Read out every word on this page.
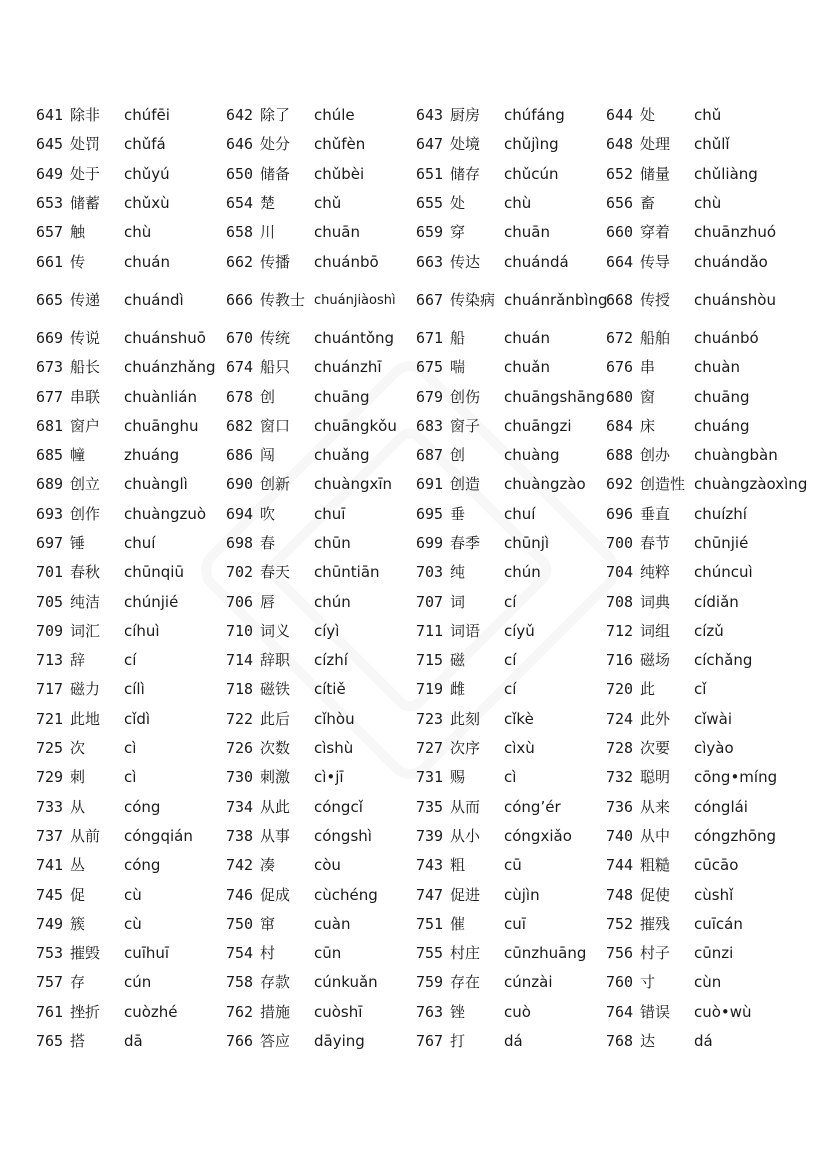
641	除非	chúfēi	642	除了	chúle	643	厨房	chúfáng	644	处	chǔ
645	处罚	chǔfá	646	处分	chǔfèn	647	处境	chǔjìng	648	处理	chǔlǐ
649	处于	chǔyú	650	储备	chǔbèi	651	储存	chǔcún	652	储量	chǔliàng
653	储蓄	chǔxù	654	楚	chǔ	655	处	chù	656	畜	chù
657	触	chù	658	川	chuān	659	穿	chuān	660	穿着	chuānzhuó
661	传	chuán	662	传播	chuánbō	663	传达	chuándá	664	传导	chuándǎo
665	传递	chuándì	666	传教士	chuánjiàoshì	667	传染病	chuánrǎnbìng	668	传授	chuánshòu
669	传说	chuánshuō	670	传统	chuántǒng	671	船	chuán	672	船舶	chuánbó
673	船长	chuánzhǎng	674	船只	chuánzhī	675	喘	chuǎn	676	串	chuàn
677	串联	chuànlián	678	创	chuāng	679	创伤	chuāngshāng	680	窗	chuāng
681	窗户	chuānghu	682	窗口	chuāngkǒu	683	窗子	chuāngzi	684	床	chuáng
685	幢	zhuáng	686	闯	chuǎng	687	创	chuàng	688	创办	chuàngbàn
689	创立	chuànglì	690	创新	chuàngxīn	691	创造	chuàngzào	692	创造性	chuàngzàoxìng
693	创作	chuàngzuò	694	吹	chuī	695	垂	chuí	696	垂直	chuízhí
697	锤	chuí	698	春	chūn	699	春季	chūnjì	700	春节	chūnjié
701	春秋	chūnqiū	702	春天	chūntiān	703	纯	chún	704	纯粹	chúncuì
705	纯洁	chúnjié	706	唇	chún	707	词	cí	708	词典	cídiǎn
709	词汇	cíhuì	710	词义	cíyì	711	词语	cíyǔ	712	词组	cízǔ
713	辞	cí	714	辞职	cízhí	715	磁	cí	716	磁场	cíchǎng
717	磁力	cílì	718	磁铁	cítiě	719	雌	cí	720	此	cǐ
721	此地	cǐdì	722	此后	cǐhòu	723	此刻	cǐkè	724	此外	cǐwài
725	次	cì	726	次数	cìshù	727	次序	cìxù	728	次要	cìyào
729	刺	cì	730	刺激	cì•jī	731	赐	cì	732	聪明	cōng•míng
733	从	cóng	734	从此	cóngcǐ	735	从而	cóng’ér	736	从来	cónglái
737	从前	cóngqián	738	从事	cóngshì	739	从小	cóngxiǎo	740	从中	cóngzhōng
741	丛	cóng	742	凑	còu	743	粗	cū	744	粗糙	cūcāo
745	促	cù	746	促成	cùchéng	747	促进	cùjìn	748	促使	cùshǐ
749	簇	cù	750	窜	cuàn	751	催	cuī	752	摧残	cuīcán
753	摧毁	cuīhuī	754	村	cūn	755	村庄	cūnzhuāng	756	村子	cūnzi
757	存	cún	758	存款	cúnkuǎn	759	存在	cúnzài	760	寸	cùn
761	挫折	cuòzhé	762	措施	cuòshī	763	锉	cuò	764	错误	cuò•wù
765	搭	dā	766	答应	dāying	767	打	dá	768	达	dá
